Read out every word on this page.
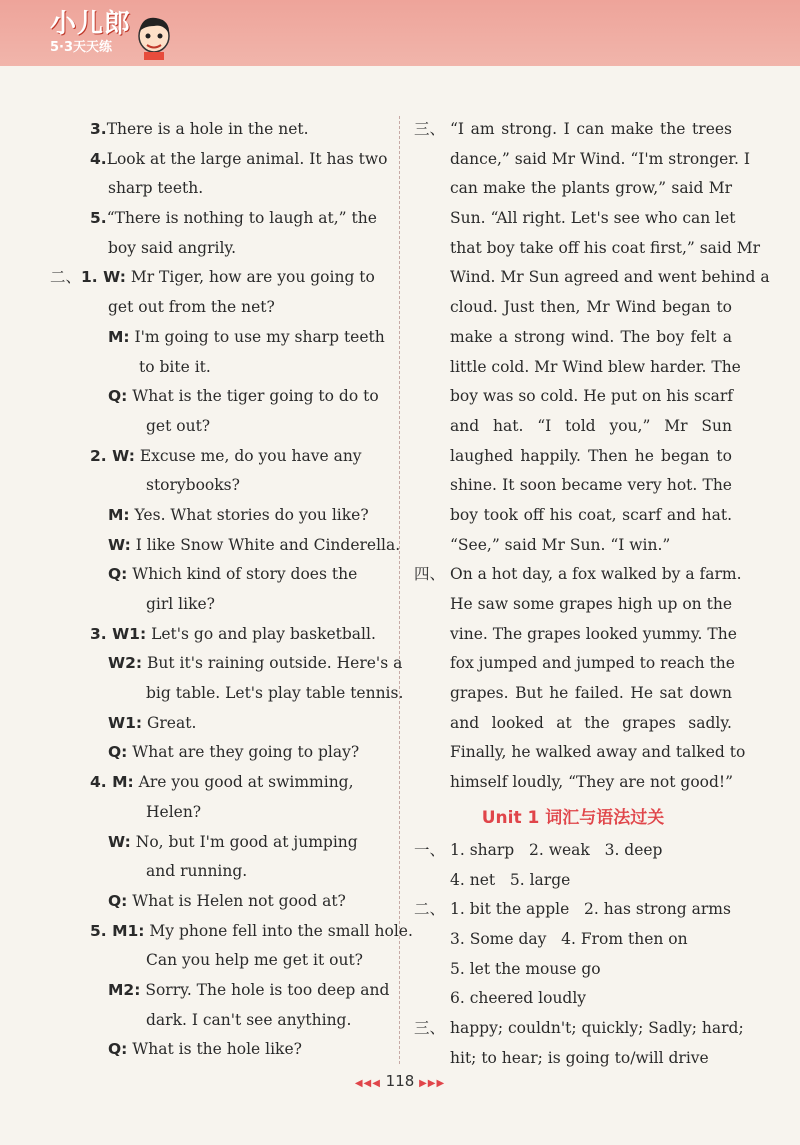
小儿郎
5·3天天练
3.There is a hole in the net.
4.Look at the large animal. It has two
sharp teeth.
5.“There is nothing to laugh at,” the
boy said angrily.
二、1. W: Mr Tiger, how are you going to
get out from the net?
M: I'm going to use my sharp teeth
to bite it.
Q: What is the tiger going to do to
get out?
2. W: Excuse me, do you have any
storybooks?
M: Yes. What stories do you like?
W: I like Snow White and Cinderella.
Q: Which kind of story does the
girl like?
3. W1: Let's go and play basketball.
W2: But it's raining outside. Here's a
big table. Let's play table tennis.
W1: Great.
Q: What are they going to play?
4. M: Are you good at swimming,
Helen?
W: No, but I'm good at jumping
and running.
Q: What is Helen not good at?
5. M1: My phone fell into the small hole.
Can you help me get it out?
M2: Sorry. The hole is too deep and
dark. I can't see anything.
Q: What is the hole like?
三、 “I am strong. I can make the trees
dance,” said Mr Wind. “I'm stronger. I
can make the plants grow,” said Mr
Sun. “All right. Let's see who can let
that boy take off his coat first,” said Mr
Wind. Mr Sun agreed and went behind a
cloud. Just then, Mr Wind began to
make a strong wind. The boy felt a
little cold. Mr Wind blew harder. The
boy was so cold. He put on his scarf
and hat. “I told you,” Mr Sun
laughed happily. Then he began to
shine. It soon became very hot. The
boy took off his coat, scarf and hat.
“See,” said Mr Sun. “I win.”
四、 On a hot day, a fox walked by a farm.
He saw some grapes high up on the
vine. The grapes looked yummy. The
fox jumped and jumped to reach the
grapes. But he failed. He sat down
and looked at the grapes sadly.
Finally, he walked away and talked to
himself loudly, “They are not good!”
Unit 1 词汇与语法过关
一、 1. sharp   2. weak   3. deep
4. net   5. large
二、 1. bit the apple   2. has strong arms
3. Some day   4. From then on
5. let the mouse go
6. cheered loudly
三、 happy; couldn't; quickly; Sadly; hard;
hit; to hear; is going to/will drive
◀◀◀ 118 ▶▶▶
